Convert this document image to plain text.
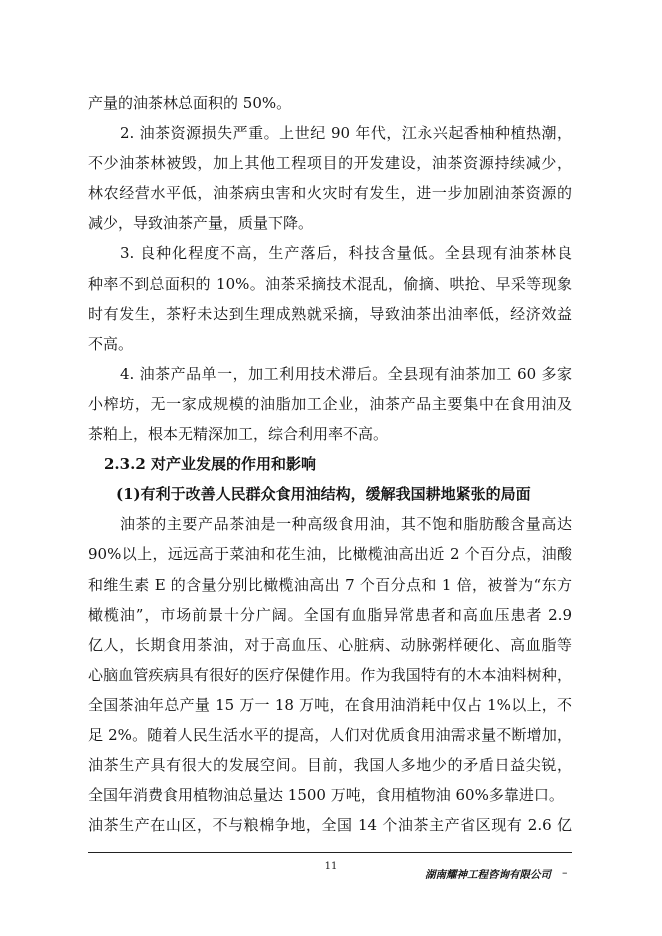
产量的油茶林总面积的 50%。
2. 油茶资源损失严重。上世纪 90 年代，江永兴起香柚种植热潮，
不少油茶林被毁，加上其他工程项目的开发建设，油茶资源持续减少，
林农经营水平低，油茶病虫害和火灾时有发生，进一步加剧油茶资源的
减少，导致油茶产量，质量下降。
3. 良种化程度不高，生产落后，科技含量低。全县现有油茶林良
种率不到总面积的 10%。油茶采摘技术混乱，偷摘、哄抢、早采等现象
时有发生，茶籽未达到生理成熟就采摘，导致油茶出油率低，经济效益
不高。
4. 油茶产品单一，加工利用技术滞后。全县现有油茶加工 60 多家
小榨坊，无一家成规模的油脂加工企业，油茶产品主要集中在食用油及
茶粕上，根本无精深加工，综合利用率不高。
2.3.2 对产业发展的作用和影响
(1)有利于改善人民群众食用油结构，缓解我国耕地紧张的局面
油茶的主要产品茶油是一种高级食用油，其不饱和脂肪酸含量高达
90%以上，远远高于菜油和花生油，比橄榄油高出近 2 个百分点，油酸
和维生素 E 的含量分别比橄榄油高出 7 个百分点和 1 倍，被誉为“东方
橄榄油”，市场前景十分广阔。全国有血脂异常患者和高血压患者 2.9
亿人，长期食用茶油，对于高血压、心脏病、动脉粥样硬化、高血脂等
心脑血管疾病具有很好的医疗保健作用。作为我国特有的木本油料树种，
全国茶油年总产量 15 万一 18 万吨，在食用油消耗中仅占 1%以上，不
足 2%。随着人民生活水平的提高，人们对优质食用油需求量不断增加，
油茶生产具有很大的发展空间。目前，我国人多地少的矛盾日益尖锐，
全国年消费食用植物油总量达 1500 万吨，食用植物油 60%多靠进口。
油茶生产在山区，不与粮棉争地，全国 14 个油茶主产省区现有 2.6 亿
11
湖南耀神工程咨询有限公司 –
